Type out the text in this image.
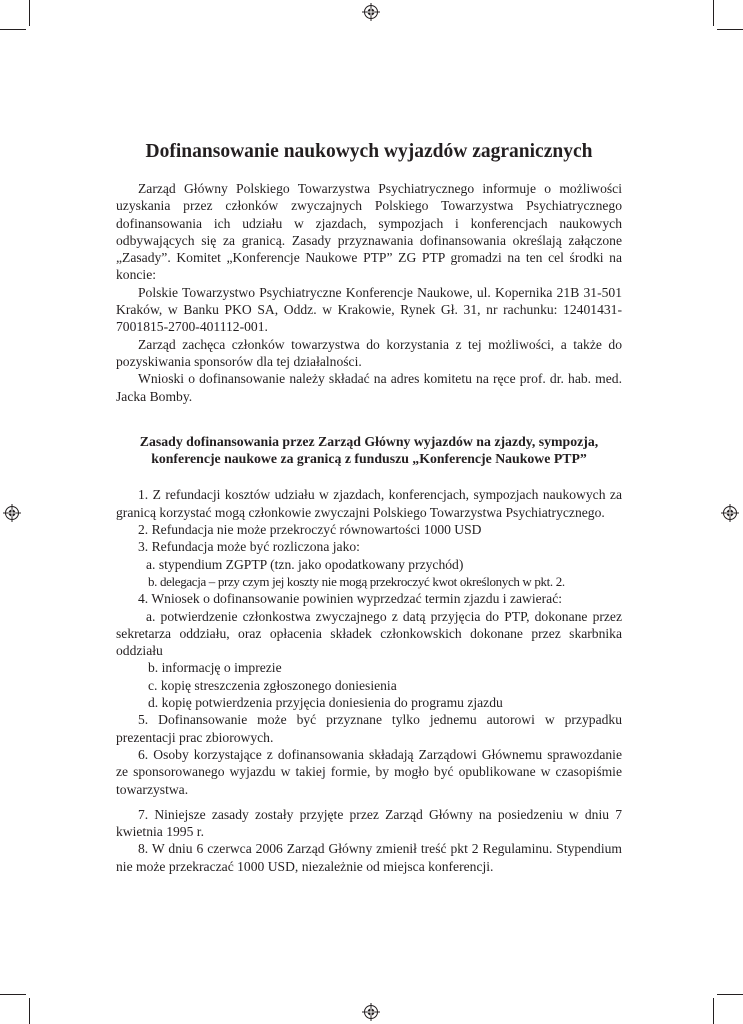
Dofinansowanie naukowych wyjazdów zagranicznych

Zarząd Główny Polskiego Towarzystwa Psychiatrycznego informuje o możliwości uzyskania przez członków zwyczajnych Polskiego Towarzystwa Psychiatrycznego dofinansowania ich udziału w zjazdach, sympozjach i konferencjach naukowych odbywających się za granicą. Zasady przyznawania dofinansowania określają załączone „Zasady”. Komitet „Konferencje Naukowe PTP” ZG PTP gromadzi na ten cel środki na koncie:

Polskie Towarzystwo Psychiatryczne Konferencje Naukowe, ul. Kopernika 21B 31-501 Kraków, w Banku PKO SA, Oddz. w Krakowie, Rynek Gł. 31, nr rachunku: 12401431-7001815-2700-401112-001.

Zarząd zachęca członków towarzystwa do korzystania z tej możliwości, a także do pozyskiwania sponsorów dla tej działalności.

Wnioski o dofinansowanie należy składać na adres komitetu na ręce prof. dr. hab. med. Jacka Bomby.

Zasady dofinansowania przez Zarząd Główny wyjazdów na zjazdy, sympozja, konferencje naukowe za granicą z funduszu „Konferencje Naukowe PTP”

1. Z refundacji kosztów udziału w zjazdach, konferencjach, sympozjach naukowych za granicą korzystać mogą członkowie zwyczajni Polskiego Towarzystwa Psychiatrycznego.

2. Refundacja nie może przekroczyć równowartości 1000 USD

3. Refundacja może być rozliczona jako:

a. stypendium ZGPTP (tzn. jako opodatkowany przychód)

b. delegacja – przy czym jej koszty nie mogą przekroczyć kwot określonych w pkt. 2.

4. Wniosek o dofinansowanie powinien wyprzedzać termin zjazdu i zawierać:

a. potwierdzenie członkostwa zwyczajnego z datą przyjęcia do PTP, dokonane przez sekretarza oddziału, oraz opłacenia składek członkowskich dokonane przez skarbnika oddziału

b. informację o imprezie

c. kopię streszczenia zgłoszonego doniesienia

d. kopię potwierdzenia przyjęcia doniesienia do programu zjazdu

5. Dofinansowanie może być przyznane tylko jednemu autorowi w przypadku prezentacji prac zbiorowych.

6. Osoby korzystające z dofinansowania składają Zarządowi Głównemu sprawozdanie ze sponsorowanego wyjazdu w takiej formie, by mogło być opublikowane w czasopiśmie towarzystwa.

7. Niniejsze zasady zostały przyjęte przez Zarząd Główny na posiedzeniu w dniu 7 kwietnia 1995 r.

8. W dniu 6 czerwca 2006 Zarząd Główny zmienił treść pkt 2 Regulaminu. Stypendium nie może przekraczać 1000 USD, niezależnie od miejsca konferencji.
